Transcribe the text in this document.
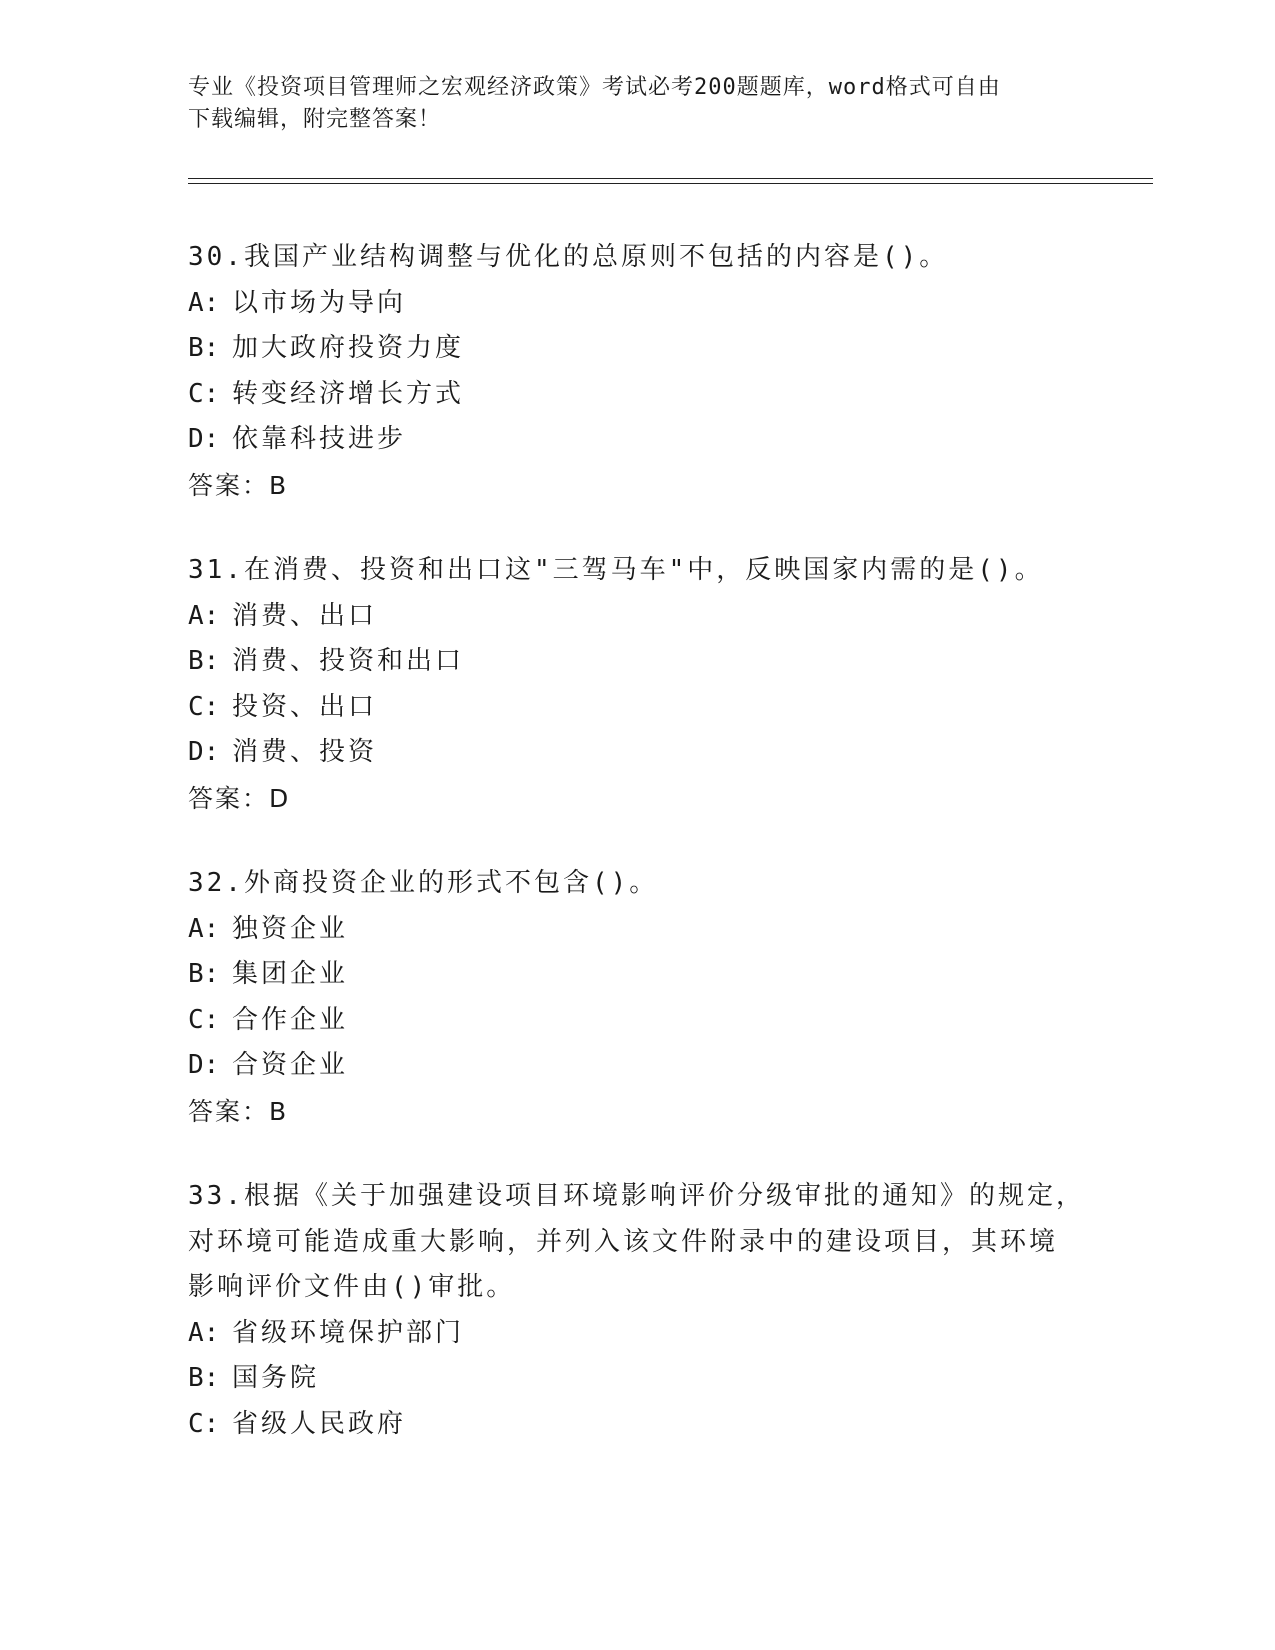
专业《投资项目管理师之宏观经济政策》考试必考200题题库，word格式可自由
下载编辑，附完整答案！
30.我国产业结构调整与优化的总原则不包括的内容是()。
A: 以市场为导向
B: 加大政府投资力度
C: 转变经济增长方式
D: 依靠科技进步
答案：B
31.在消费、投资和出口这"三驾马车"中，反映国家内需的是()。
A: 消费、出口
B: 消费、投资和出口
C: 投资、出口
D: 消费、投资
答案：D
32.外商投资企业的形式不包含()。
A: 独资企业
B: 集团企业
C: 合作企业
D: 合资企业
答案：B
33.根据《关于加强建设项目环境影响评价分级审批的通知》的规定，
对环境可能造成重大影响，并列入该文件附录中的建设项目，其环境
影响评价文件由()审批。
A: 省级环境保护部门
B: 国务院
C: 省级人民政府
